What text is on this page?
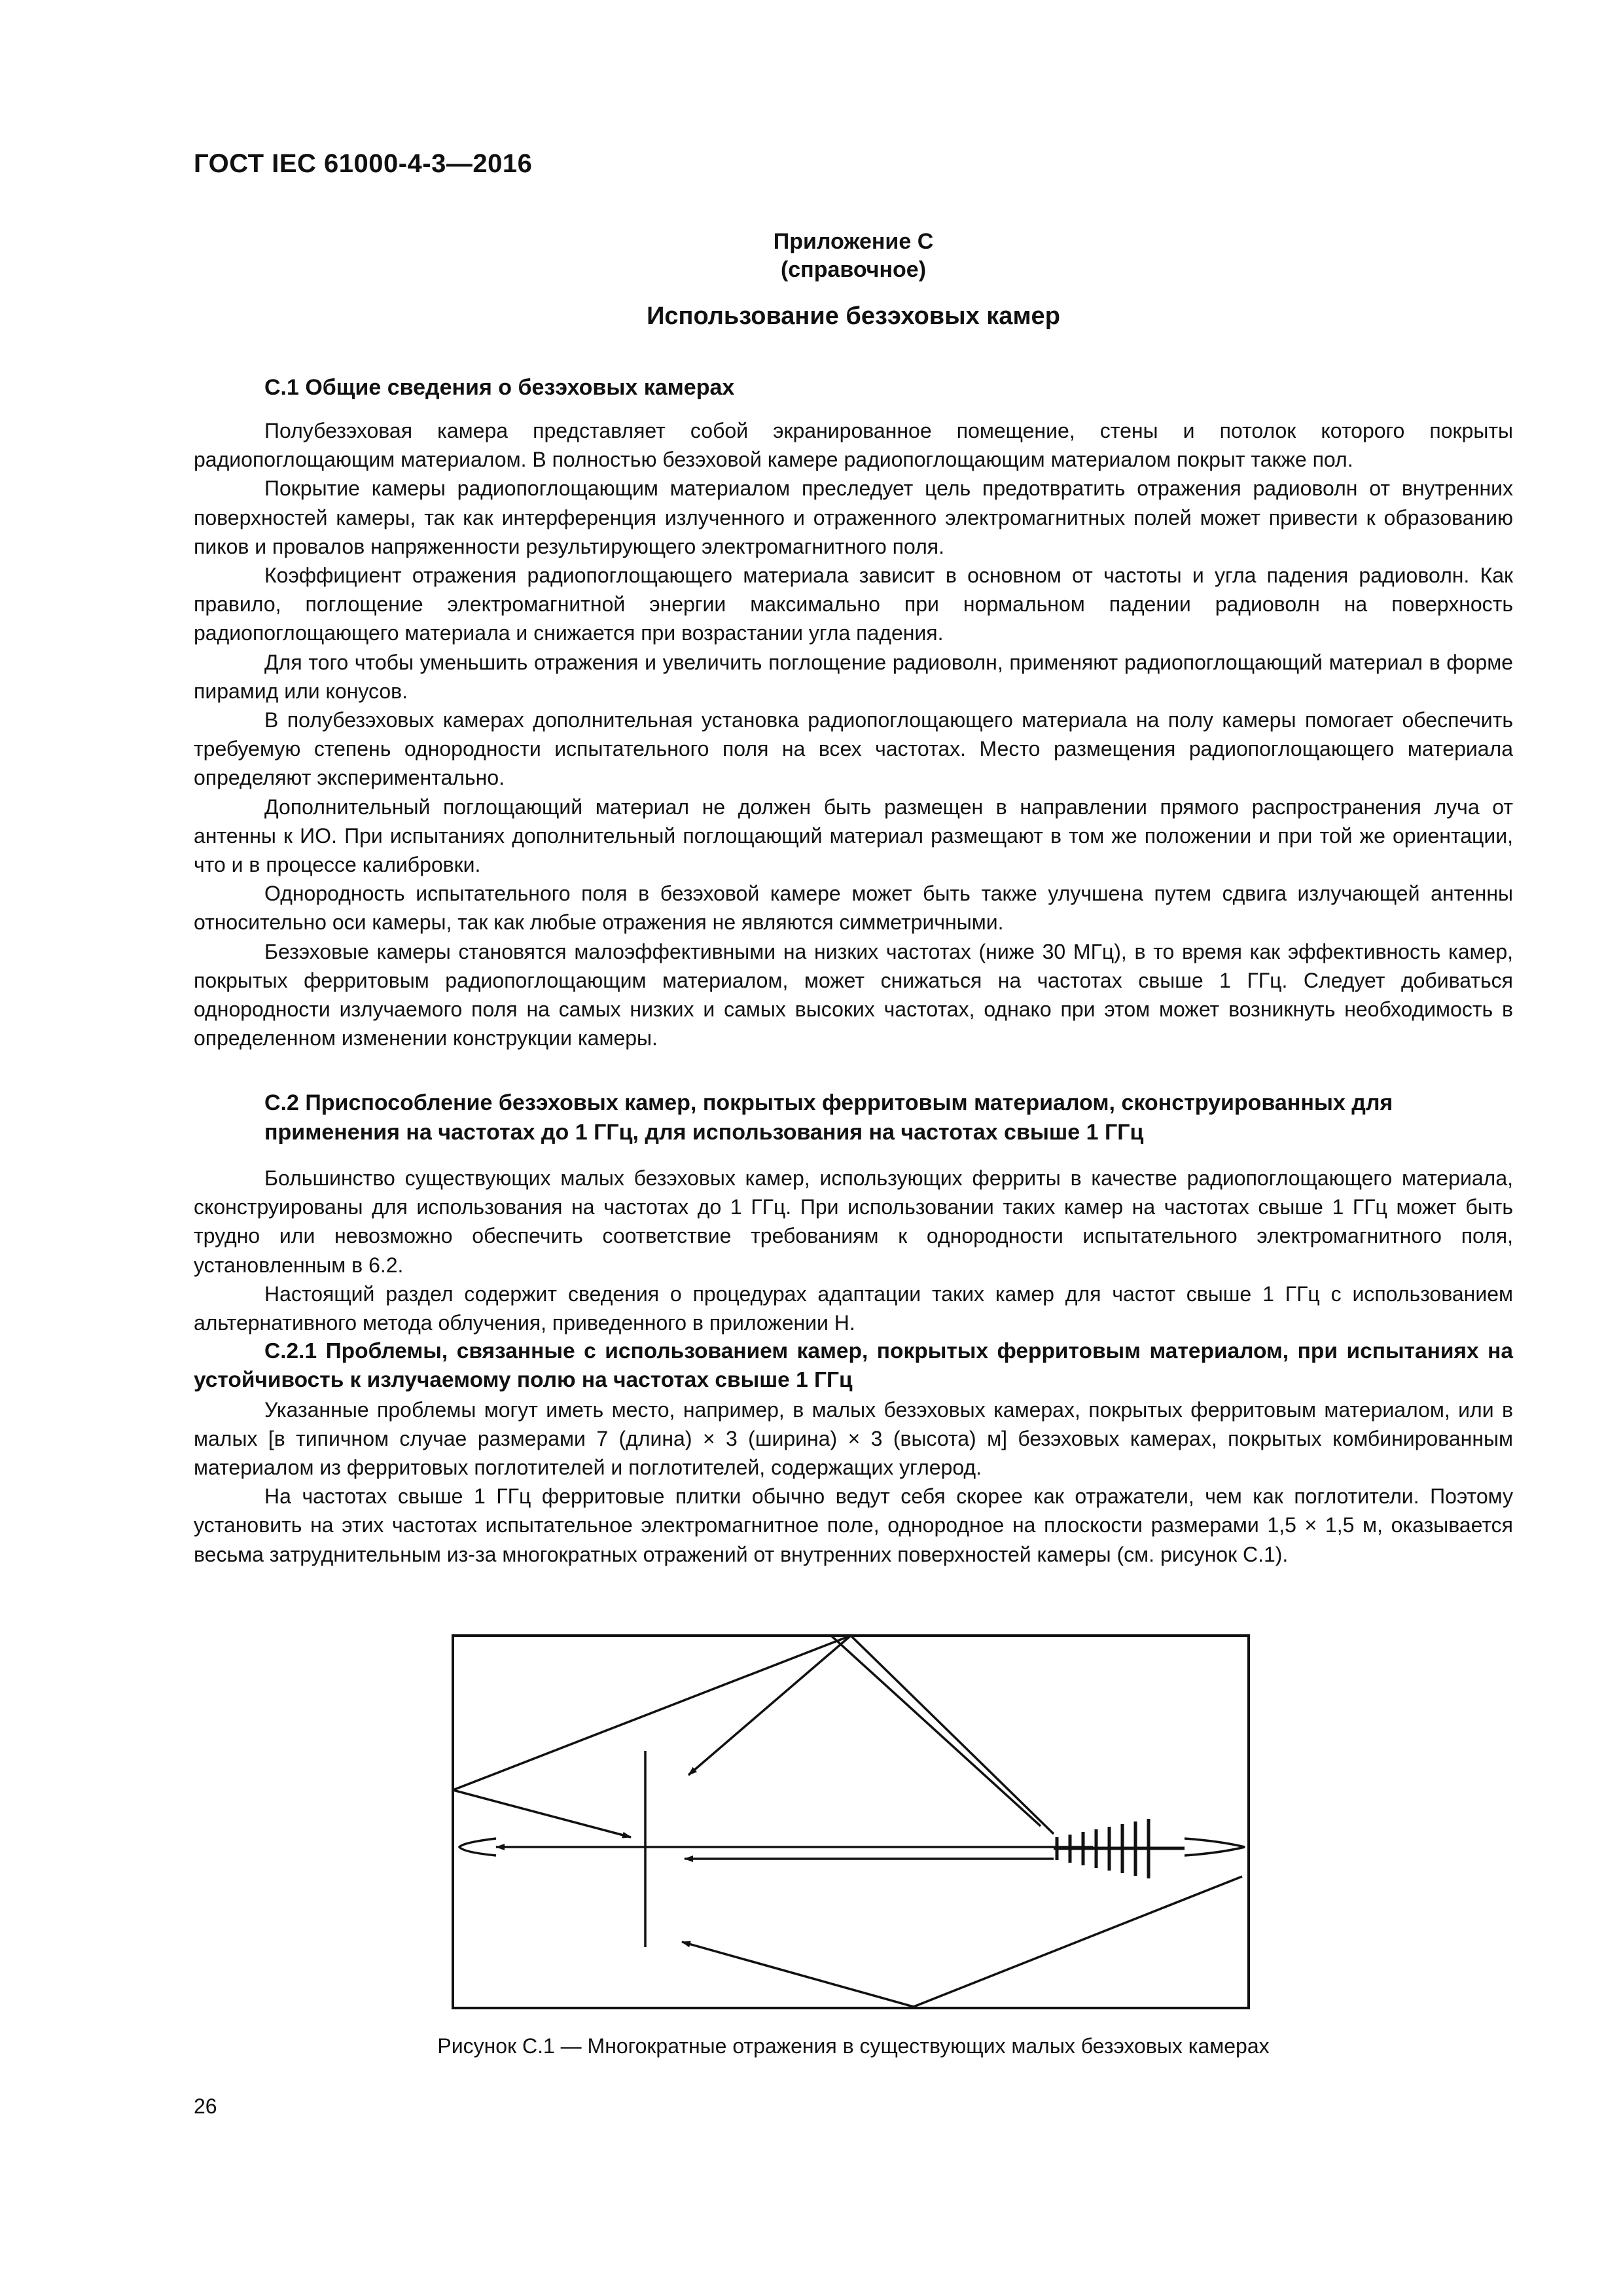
ГОСТ IEC 61000-4-3—2016
Приложение С
(справочное)
Использование безэховых камер
С.1 Общие сведения о безэховых камерах

Полубезэховая камера представляет собой экранированное помещение, стены и потолок которого покрыты радиопоглощающим материалом. В полностью безэховой камере радиопоглощающим материалом покрыт также пол.

Покрытие камеры радиопоглощающим материалом преследует цель предотвратить отражения радиоволн от внутренних поверхностей камеры, так как интерференция излученного и отраженного электромагнитных полей может привести к образованию пиков и провалов напряженности результирующего электромагнитного поля.

Коэффициент отражения радиопоглощающего материала зависит в основном от частоты и угла падения радиоволн. Как правило, поглощение электромагнитной энергии максимально при нормальном падении радиоволн на поверхность радиопоглощающего материала и снижается при возрастании угла падения.

Для того чтобы уменьшить отражения и увеличить поглощение радиоволн, применяют радиопоглощающий материал в форме пирамид или конусов.

В полубезэховых камерах дополнительная установка радиопоглощающего материала на полу камеры помогает обеспечить требуемую степень однородности испытательного поля на всех частотах. Место размещения радиопоглощающего материала определяют экспериментально.

Дополнительный поглощающий материал не должен быть размещен в направлении прямого распространения луча от антенны к ИО. При испытаниях дополнительный поглощающий материал размещают в том же положении и при той же ориентации, что и в процессе калибровки.

Однородность испытательного поля в безэховой камере может быть также улучшена путем сдвига излучающей антенны относительно оси камеры, так как любые отражения не являются симметричными.

Безэховые камеры становятся малоэффективными на низких частотах (ниже 30 МГц), в то время как эффективность камер, покрытых ферритовым радиопоглощающим материалом, может снижаться на частотах свыше 1 ГГц. Следует добиваться однородности излучаемого поля на самых низких и самых высоких частотах, однако при этом может возникнуть необходимость в определенном изменении конструкции камеры.

С.2 Приспособление безэховых камер, покрытых ферритовым материалом, сконструированных для применения на частотах до 1 ГГц, для использования на частотах свыше 1 ГГц

Большинство существующих малых безэховых камер, использующих ферриты в качестве радиопоглощающего материала, сконструированы для использования на частотах до 1 ГГц. При использовании таких камер на частотах свыше 1 ГГц может быть трудно или невозможно обеспечить соответствие требованиям к однородности испытательного электромагнитного поля, установленным в 6.2.

Настоящий раздел содержит сведения о процедурах адаптации таких камер для частот свыше 1 ГГц с использованием альтернативного метода облучения, приведенного в приложении Н.

С.2.1 Проблемы, связанные с использованием камер, покрытых ферритовым материалом, при испытаниях на устойчивость к излучаемому полю на частотах свыше 1 ГГц

Указанные проблемы могут иметь место, например, в малых безэховых камерах, покрытых ферритовым материалом, или в малых [в типичном случае размерами 7 (длина) × 3 (ширина) × 3 (высота) м] безэховых камерах, покрытых комбинированным материалом из ферритовых поглотителей и поглотителей, содержащих углерод.

На частотах свыше 1 ГГц ферритовые плитки обычно ведут себя скорее как отражатели, чем как поглотители. Поэтому установить на этих частотах испытательное электромагнитное поле, однородное на плоскости размерами 1,5 × 1,5 м, оказывается весьма затруднительным из-за многократных отражений от внутренних поверхностей камеры (см. рисунок С.1).

Рисунок С.1 — Многократные отражения в существующих малых безэховых камерах
26
